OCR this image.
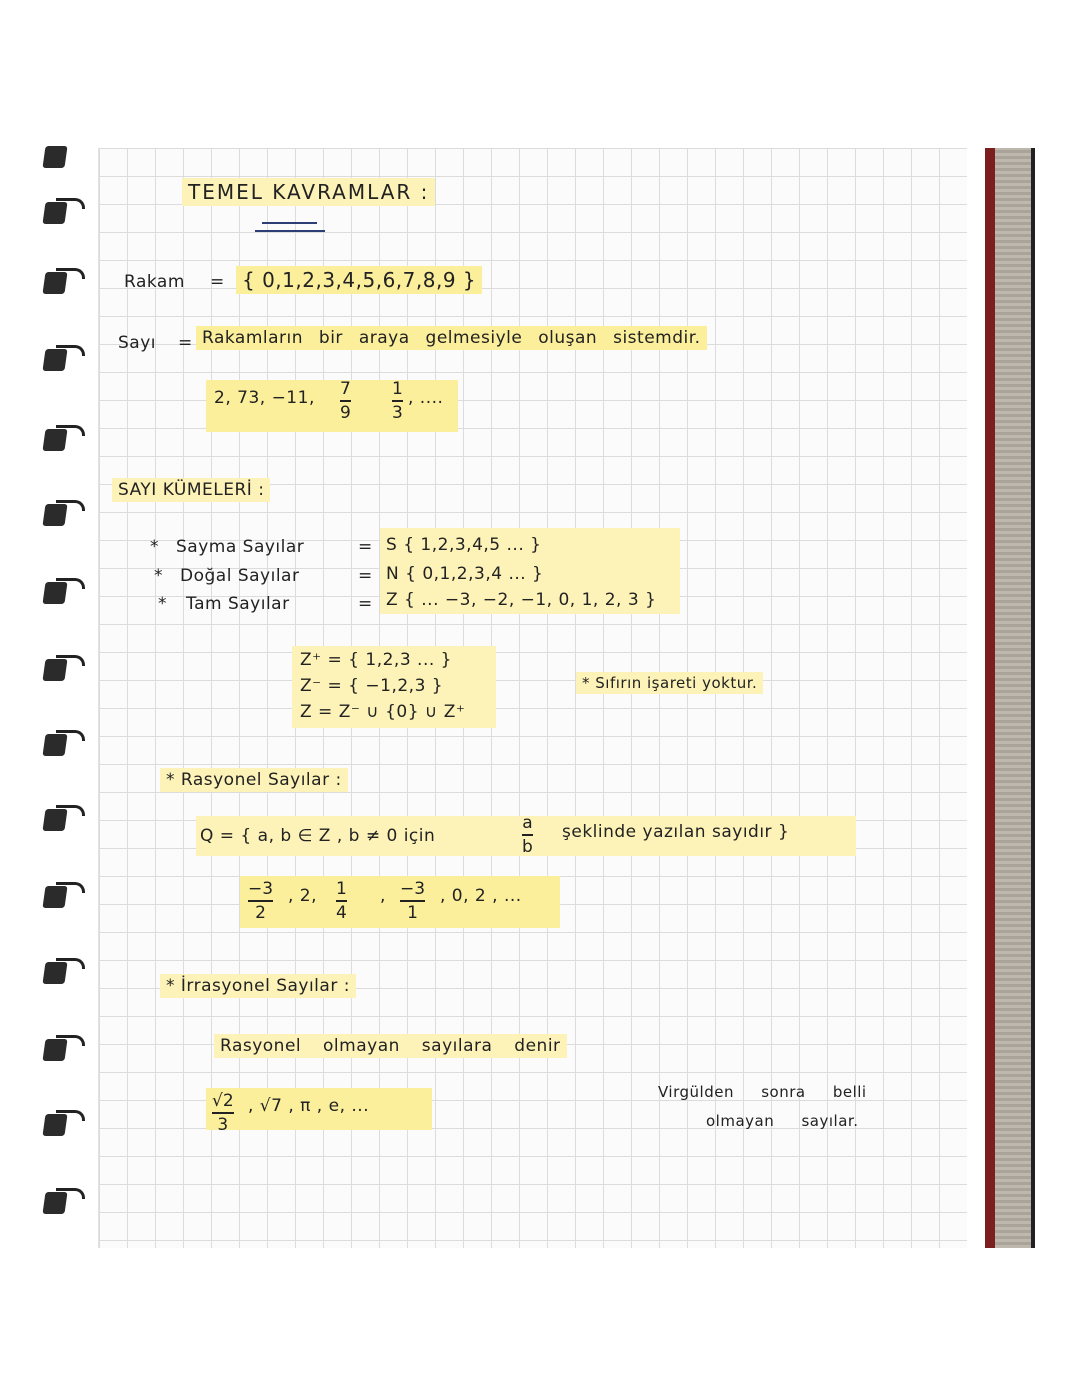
TEMEL KAVRAMLAR :
Rakam = { 0,1,2,3,4,5,6,7,8,9 }
Sayı = Rakamların bir araya gelmesiyle oluşan sistemdir.
2, 73, −11, 7
9
1
3
, ....
SAYI KÜMELERİ :
* Sayma Sayılar	= S { 1,2,3,4,5 ... }
* Doğal Sayılar	= N { 0,1,2,3,4 ... }
* Tam Sayılar	= Z { ... −3, −2, −1, 0, 1, 2, 3 }
Z⁺ = { 1,2,3 ... }
Z⁻ = { −1,2,3 }
Z = Z⁻ ∪ {0} ∪ Z⁺
* Sıfırın işareti yoktur.
* Rasyonel Sayılar :
Q = { a, b ∈ Z , b ≠ 0 için
a
b
şeklinde yazılan sayıdır }
−3
2
, 2, 1
4
, −3
1
, 0, 2 , ...
* İrrasyonel Sayılar :
Rasyonel olmayan sayılara denir
√2
3
, √7 , π , e, ...
Virgülden sonra belli
olmayan sayılar.
